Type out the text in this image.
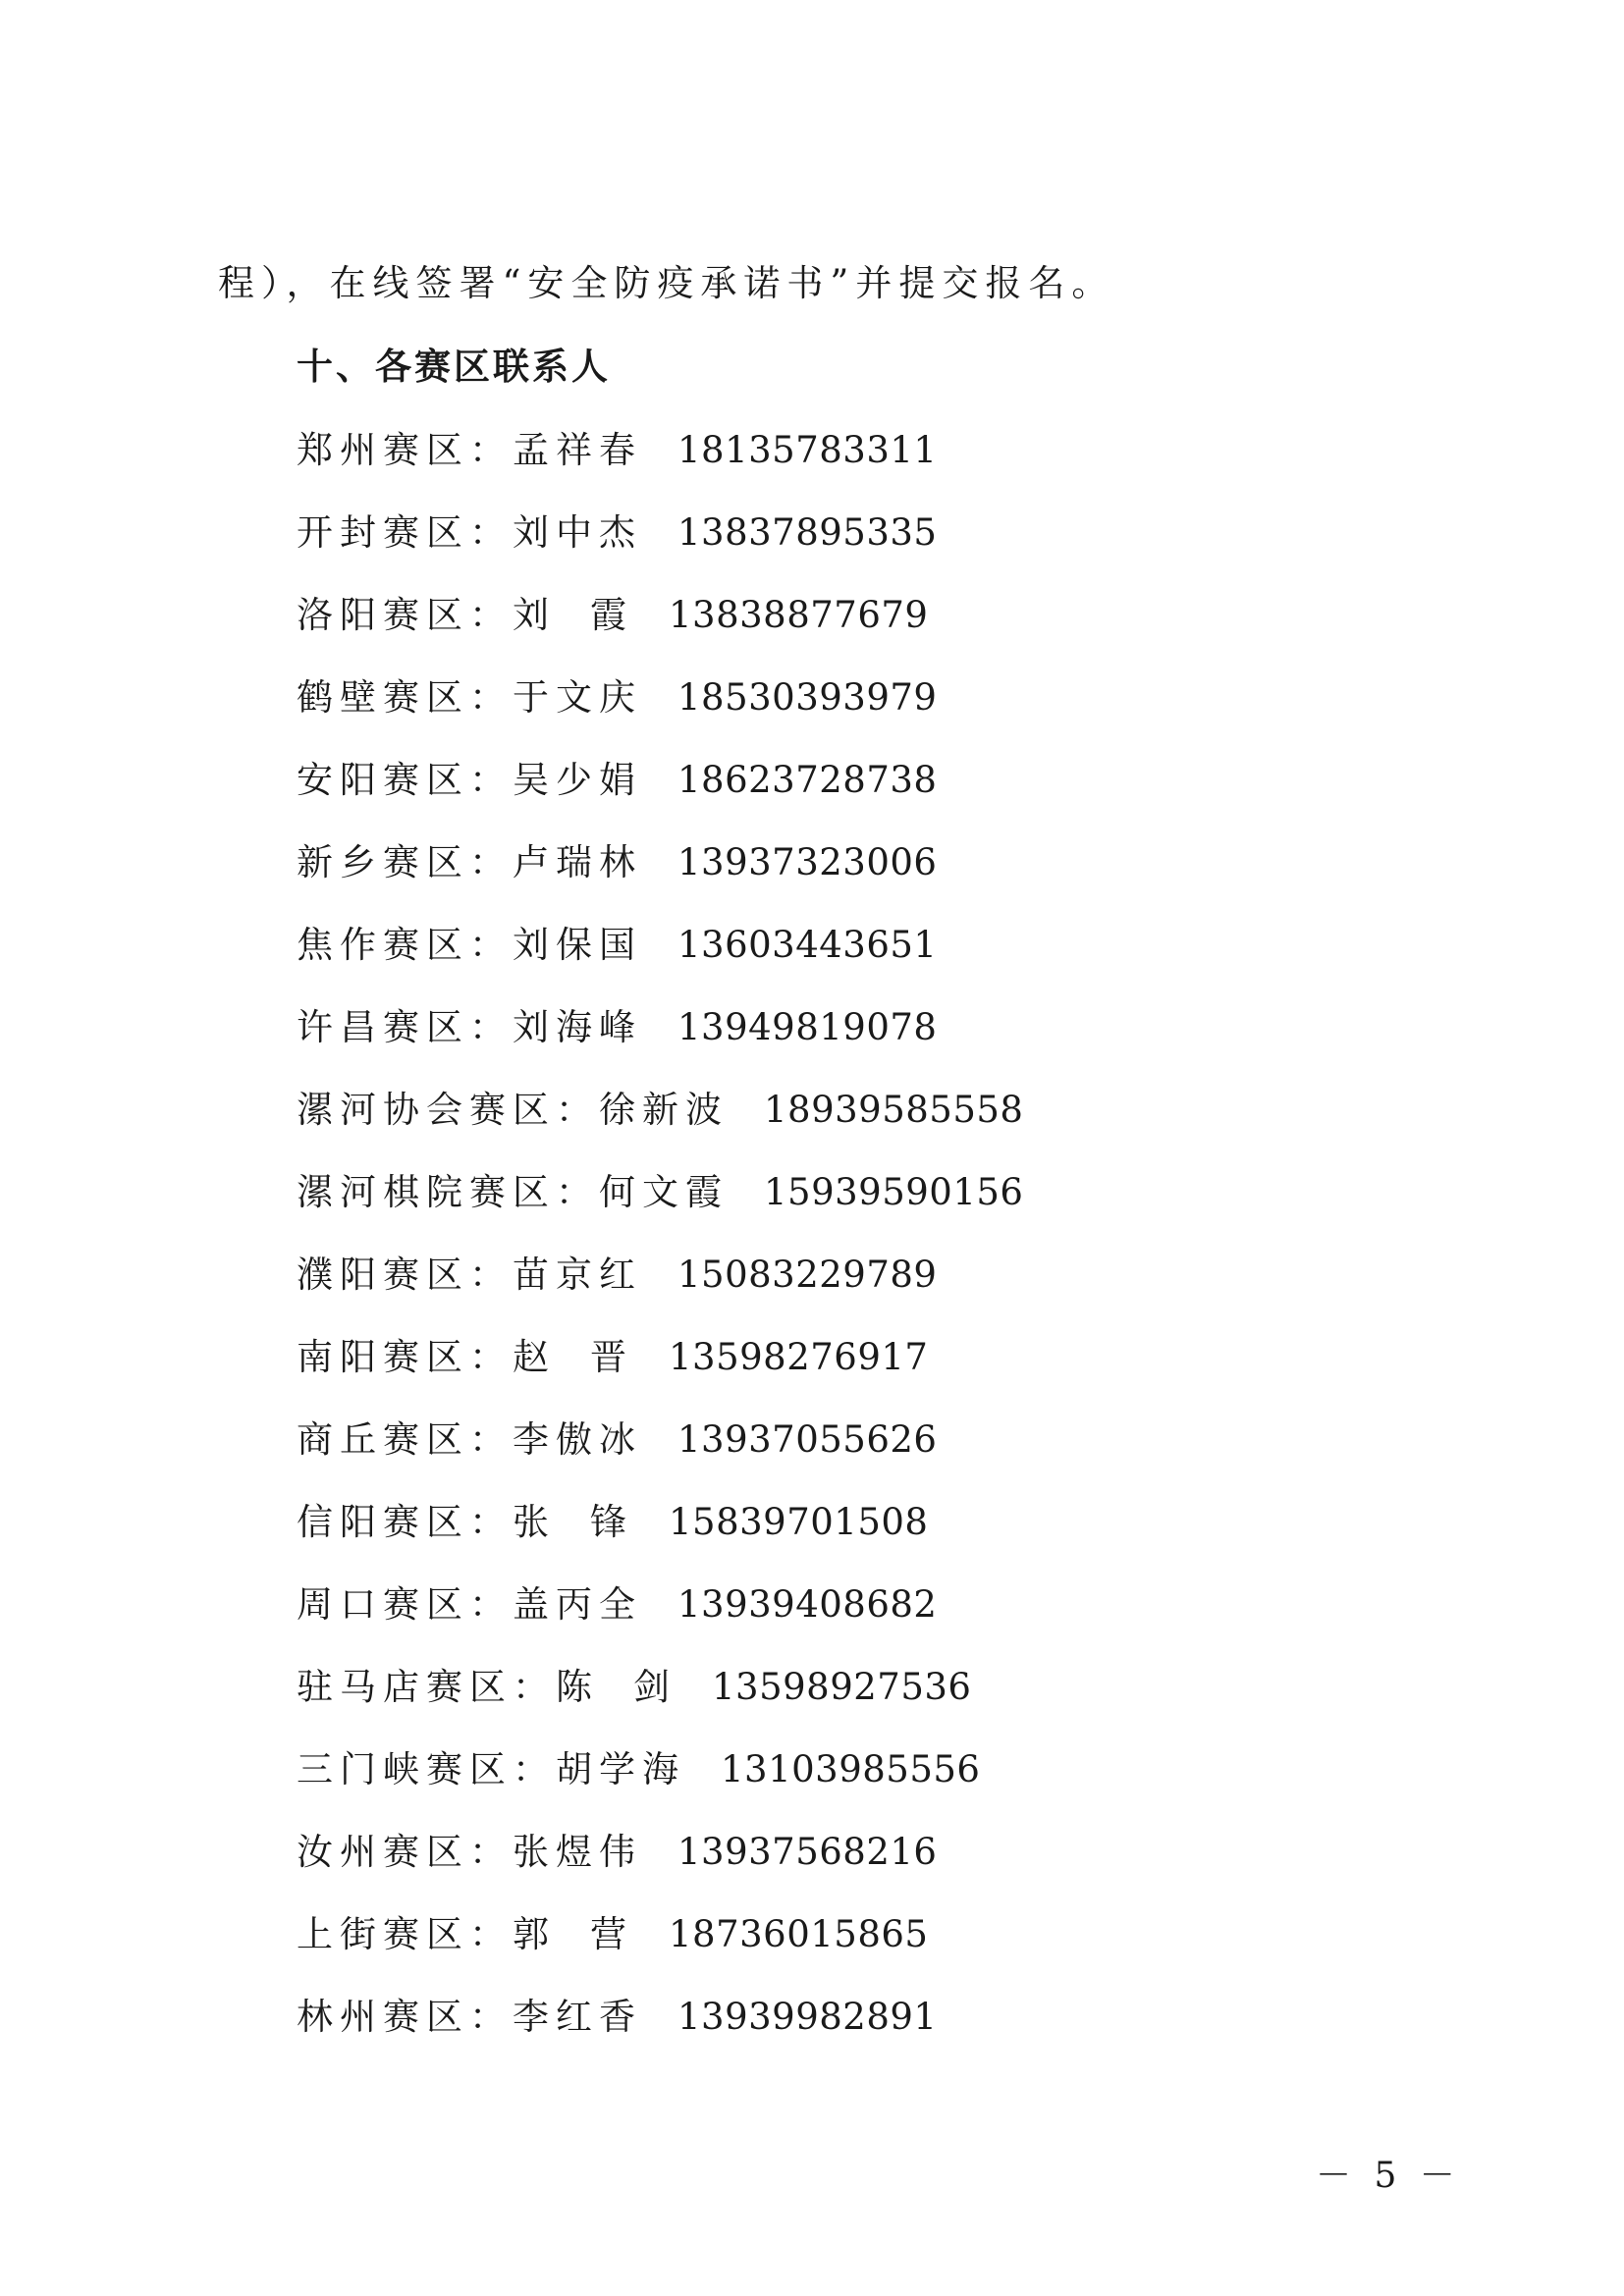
程），在线签署“安全防疫承诺书”并提交报名。
十、各赛区联系人
郑州赛区：孟祥春 18135783311
开封赛区：刘中杰 13837895335
洛阳赛区：刘霞13838877679
鹤壁赛区：于文庆 18530393979
安阳赛区：吴少娟 18623728738
新乡赛区：卢瑞林 13937323006
焦作赛区：刘保国 13603443651
许昌赛区：刘海峰 13949819078
漯河协会赛区：徐新波 18939585558
漯河棋院赛区：何文霞 15939590156
濮阳赛区：苗京红 15083229789
南阳赛区：赵晋13598276917
商丘赛区：李傲冰 13937055626
信阳赛区：张锋15839701508
周口赛区：盖丙全 13939408682
驻马店赛区：陈剑13598927536
三门峡赛区：胡学海 13103985556
汝州赛区：张煜伟 13937568216
上街赛区：郭营18736015865
林州赛区：李红香 13939982891
－ 5 －
